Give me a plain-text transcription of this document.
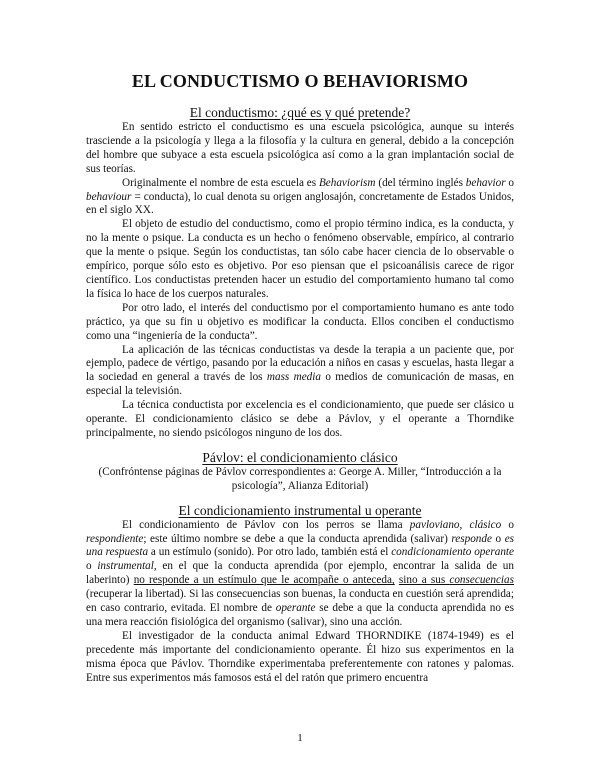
EL CONDUCTISMO O BEHAVIORISMO
El conductismo: ¿qué es y qué pretende?

En sentido estricto el conductismo es una escuela psicológica, aunque su interés trasciende a la psicología y llega a la filosofía y la cultura en general, debido a la concepción del hombre que subyace a esta escuela psicológica así como a la gran implantación social de sus teorías.

Originalmente el nombre de esta escuela es Behaviorism (del término inglés behavior o behaviour = conducta), lo cual denota su origen anglosajón, concretamente de Estados Unidos, en el siglo XX.

El objeto de estudio del conductismo, como el propio término indica, es la conducta, y no la mente o psique. La conducta es un hecho o fenómeno observable, empírico, al contrario que la mente o psique. Según los conductistas, tan sólo cabe hacer ciencia de lo observable o empírico, porque sólo esto es objetivo. Por eso piensan que el psicoanálisis carece de rigor científico. Los conductistas pretenden hacer un estudio del comportamiento humano tal como la física lo hace de los cuerpos naturales.

Por otro lado, el interés del conductismo por el comportamiento humano es ante todo práctico, ya que su fin u objetivo es modificar la conducta. Ellos conciben el conductismo como una “ingeniería de la conducta”.

La aplicación de las técnicas conductistas va desde la terapia a un paciente que, por ejemplo, padece de vértigo, pasando por la educación a niños en casas y escuelas, hasta llegar a la sociedad en general a través de los mass media o medios de comunicación de masas, en especial la televisión.

La técnica conductista por excelencia es el condicionamiento, que puede ser clásico u operante. El condicionamiento clásico se debe a Pávlov, y el operante a Thorndike principalmente, no siendo psicólogos ninguno de los dos.

Pávlov: el condicionamiento clásico

(Confróntense páginas de Pávlov correspondientes a: George A. Miller, “Introducción a la psicología”, Alianza Editorial)

El condicionamiento instrumental u operante

El condicionamiento de Pávlov con los perros se llama pavloviano, clásico o respondiente; este último nombre se debe a que la conducta aprendida (salivar) responde o es una respuesta a un estímulo (sonido). Por otro lado, también está el condicionamiento operante o instrumental, en el que la conducta aprendida (por ejemplo, encontrar la salida de un laberinto) no responde a un estímulo que le acompañe o anteceda, sino a sus consecuencias (recuperar la libertad). Si las consecuencias son buenas, la conducta en cuestión será aprendida; en caso contrario, evitada. El nombre de operante se debe a que la conducta aprendida no es una mera reacción fisiológica del organismo (salivar), sino una acción.

El investigador de la conducta animal Edward THORNDIKE (1874-1949) es el precedente más importante del condicionamiento operante. Él hizo sus experimentos en la misma época que Pávlov. Thorndike experimentaba preferentemente con ratones y palomas. Entre sus experimentos más famosos está el del ratón que primero encuentra

1
